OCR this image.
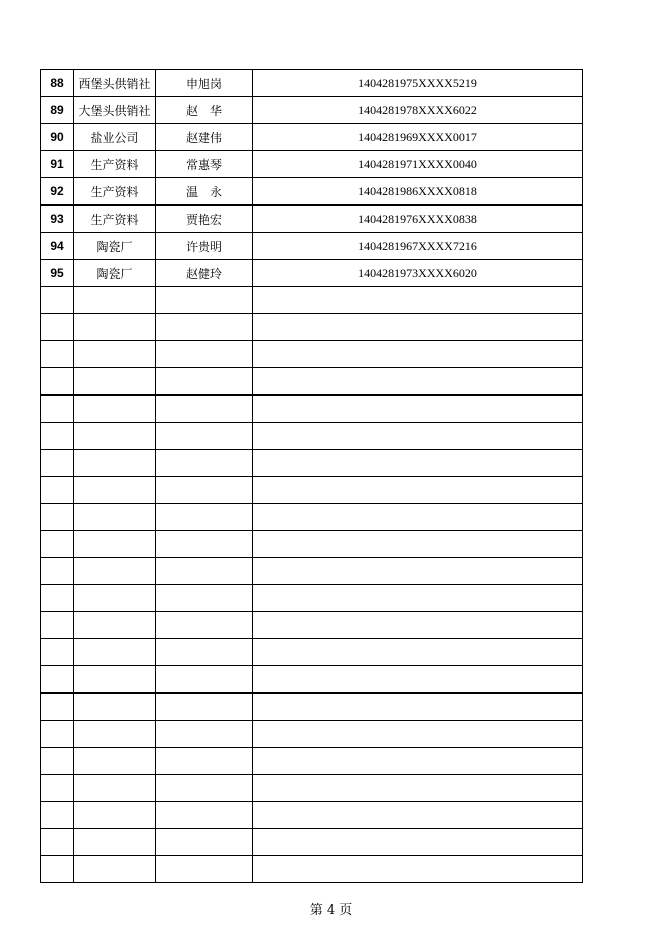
88	西堡头供销社	申旭岗	1404281975XXXX5219
89	大堡头供销社	赵　华	1404281978XXXX6022
90	盐业公司	赵建伟	1404281969XXXX0017
91	生产资料	常惠琴	1404281971XXXX0040
92	生产资料	温　永	1404281986XXXX0818
93	生产资料	贾艳宏	1404281976XXXX0838
94	陶瓷厂	许贵明	1404281967XXXX7216
95	陶瓷厂	赵健玲	1404281973XXXX6020

第 4 页
